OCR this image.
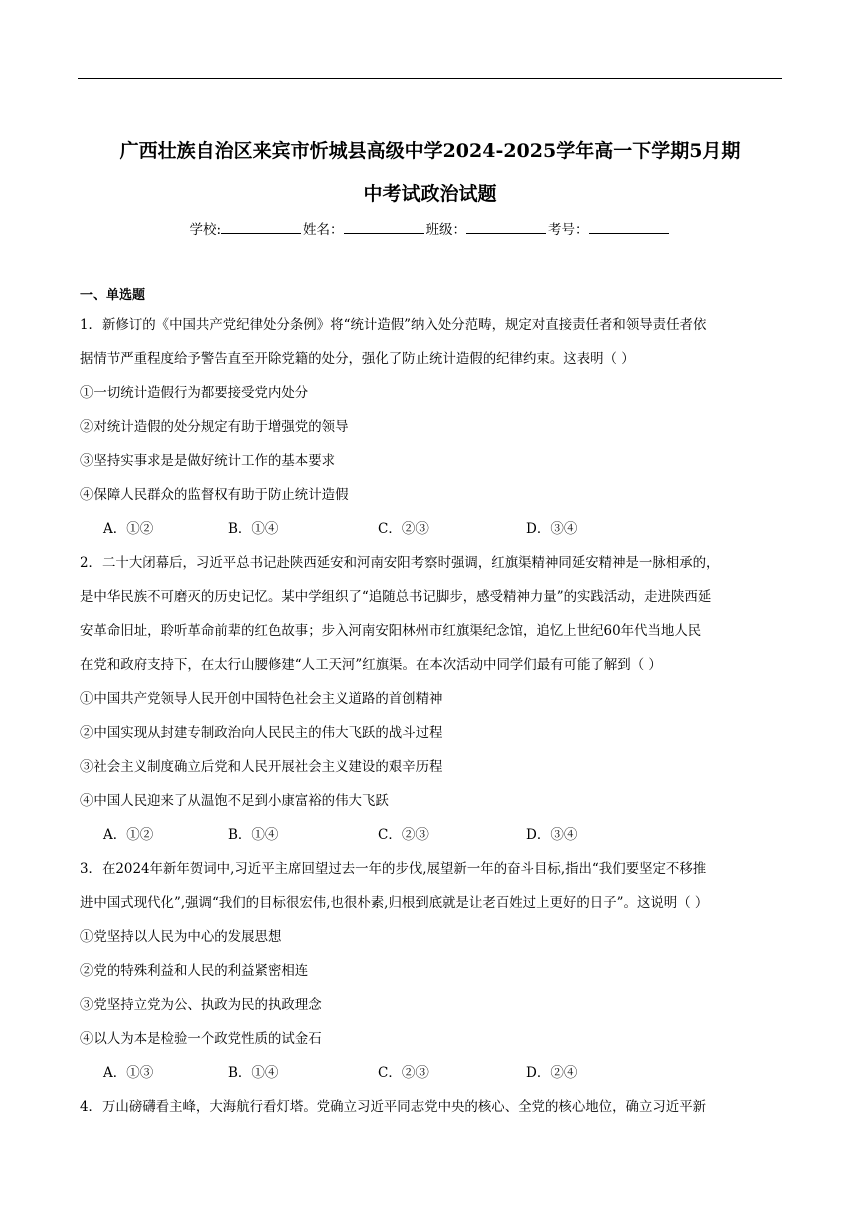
广西壮族自治区来宾市忻城县高级中学2024-2025学年高一下学期5月期
中考试政治试题
学校:	姓名：	班级：	考号：
一、单选题
1．新修订的《中国共产党纪律处分条例》将“统计造假”纳入处分范畴，规定对直接责任者和领导责任者依
据情节严重程度给予警告直至开除党籍的处分，强化了防止统计造假的纪律约束。这表明（ ）
①一切统计造假行为都要接受党内处分
②对统计造假的处分规定有助于增强党的领导
③坚持实事求是是做好统计工作的基本要求
④保障人民群众的监督权有助于防止统计造假
A．①②	B．①④	C．②③	D．③④
2．二十大闭幕后，习近平总书记赴陕西延安和河南安阳考察时强调，红旗渠精神同延安精神是一脉相承的，
是中华民族不可磨灭的历史记忆。某中学组织了“追随总书记脚步，感受精神力量”的实践活动，走进陕西延
安革命旧址，聆听革命前辈的红色故事；步入河南安阳林州市红旗渠纪念馆，追忆上世纪60年代当地人民
在党和政府支持下，在太行山腰修建“人工天河”红旗渠。在本次活动中同学们最有可能了解到（ ）
①中国共产党领导人民开创中国特色社会主义道路的首创精神
②中国实现从封建专制政治向人民民主的伟大飞跃的战斗过程
③社会主义制度确立后党和人民开展社会主义建设的艰辛历程
④中国人民迎来了从温饱不足到小康富裕的伟大飞跃
A．①②	B．①④	C．②③	D．③④
3．在2024年新年贺词中,习近平主席回望过去一年的步伐,展望新一年的奋斗目标,指出“我们要坚定不移推
进中国式现代化”,强调“我们的目标很宏伟,也很朴素,归根到底就是让老百姓过上更好的日子”。这说明（ ）
①党坚持以人民为中心的发展思想
②党的特殊利益和人民的利益紧密相连
③党坚持立党为公、执政为民的执政理念
④以人为本是检验一个政党性质的试金石
A．①③	B．①④	C．②③	D．②④
4．万山磅礴看主峰，大海航行看灯塔。党确立习近平同志党中央的核心、全党的核心地位，确立习近平新
